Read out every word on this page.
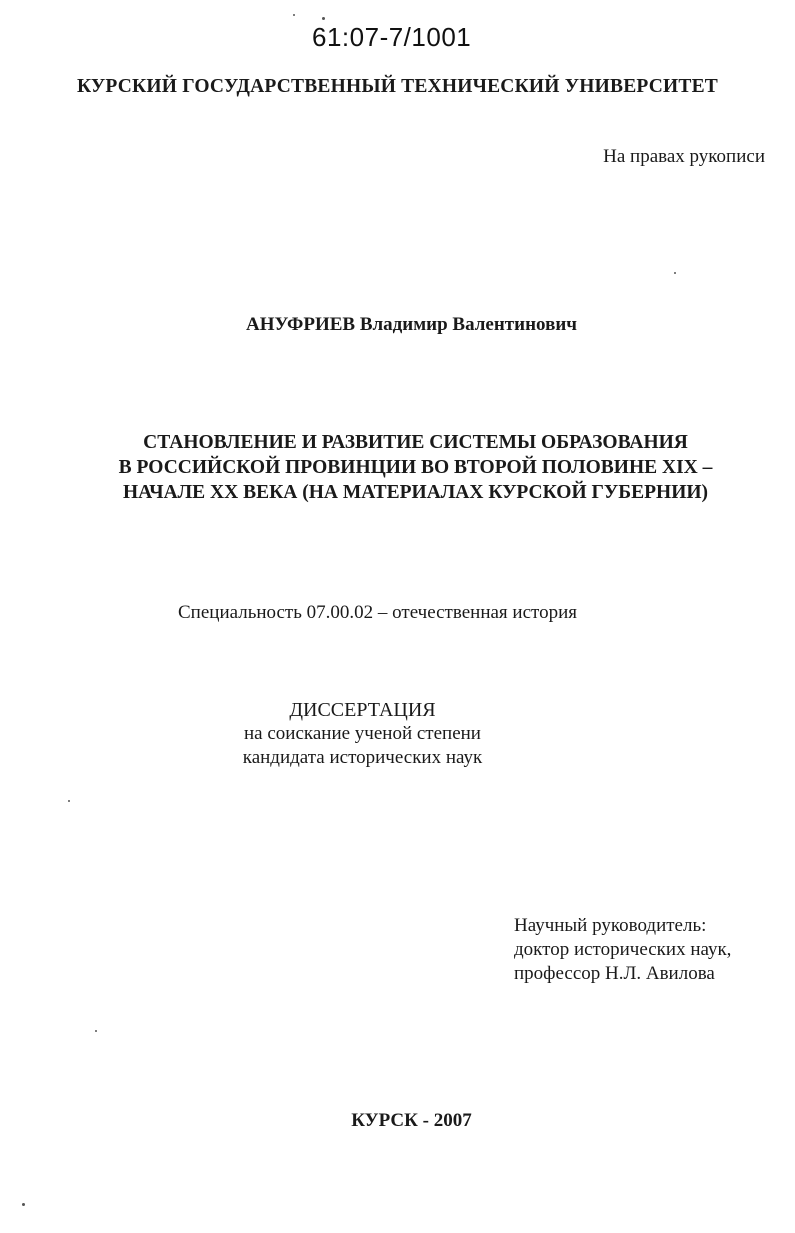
61:07-7/1001
КУРСКИЙ ГОСУДАРСТВЕННЫЙ ТЕХНИЧЕСКИЙ УНИВЕРСИТЕТ
На правах рукописи
АНУФРИЕВ Владимир Валентинович
СТАНОВЛЕНИЕ И РАЗВИТИЕ СИСТЕМЫ ОБРАЗОВАНИЯ
В РОССИЙСКОЙ ПРОВИНЦИИ ВО ВТОРОЙ ПОЛОВИНЕ XIX –
НАЧАЛЕ XX ВЕКА (НА МАТЕРИАЛАХ КУРСКОЙ ГУБЕРНИИ)
Специальность 07.00.02 – отечественная история
ДИССЕРТАЦИЯ
на соискание ученой степени
кандидата исторических наук
Научный руководитель:
доктор исторических наук,
профессор Н.Л. Авилова
КУРСК - 2007
